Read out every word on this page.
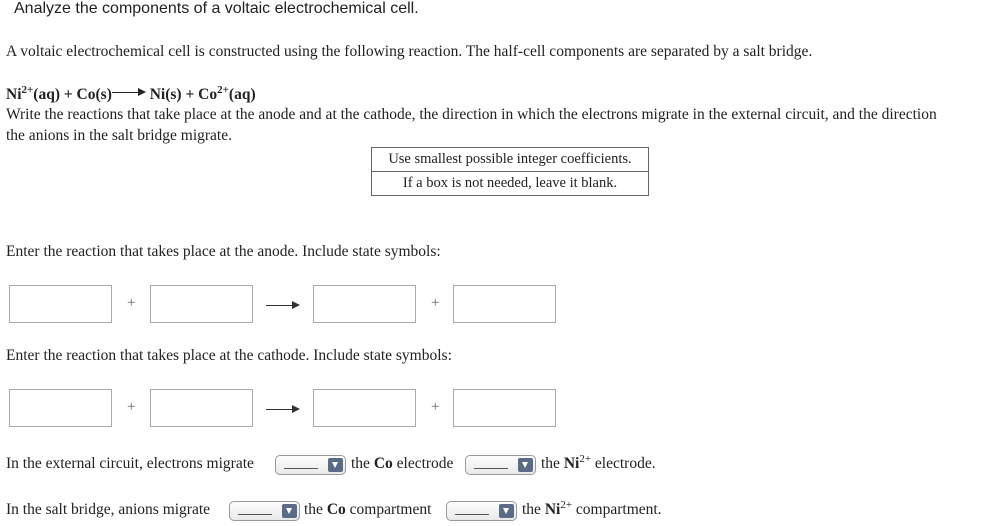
Analyze the components of a voltaic electrochemical cell.
A voltaic electrochemical cell is constructed using the following reaction. The half-cell components are separated by a salt bridge.
$Ni^{2+}(aq) + Co(s) Ni(s) + Co^{2+}(aq)$
Write the reactions that take place at the anode and at the cathode, the direction in which the electrons migrate in the external circuit, and the direction
the anions in the salt bridge migrate.
Use smallest possible integer coefficients.
If a box is not needed, leave it blank.
Enter the reaction that takes place at the anode. Include state symbols:
+	+
Enter the reaction that takes place at the cathode. Include state symbols:
+	+
In the external circuit, electrons migrate	the Co electrode	the $Ni^{2+}$ electrode.
In the salt bridge, anions migrate	the Co compartment	the $Ni^{2+}$ compartment.
